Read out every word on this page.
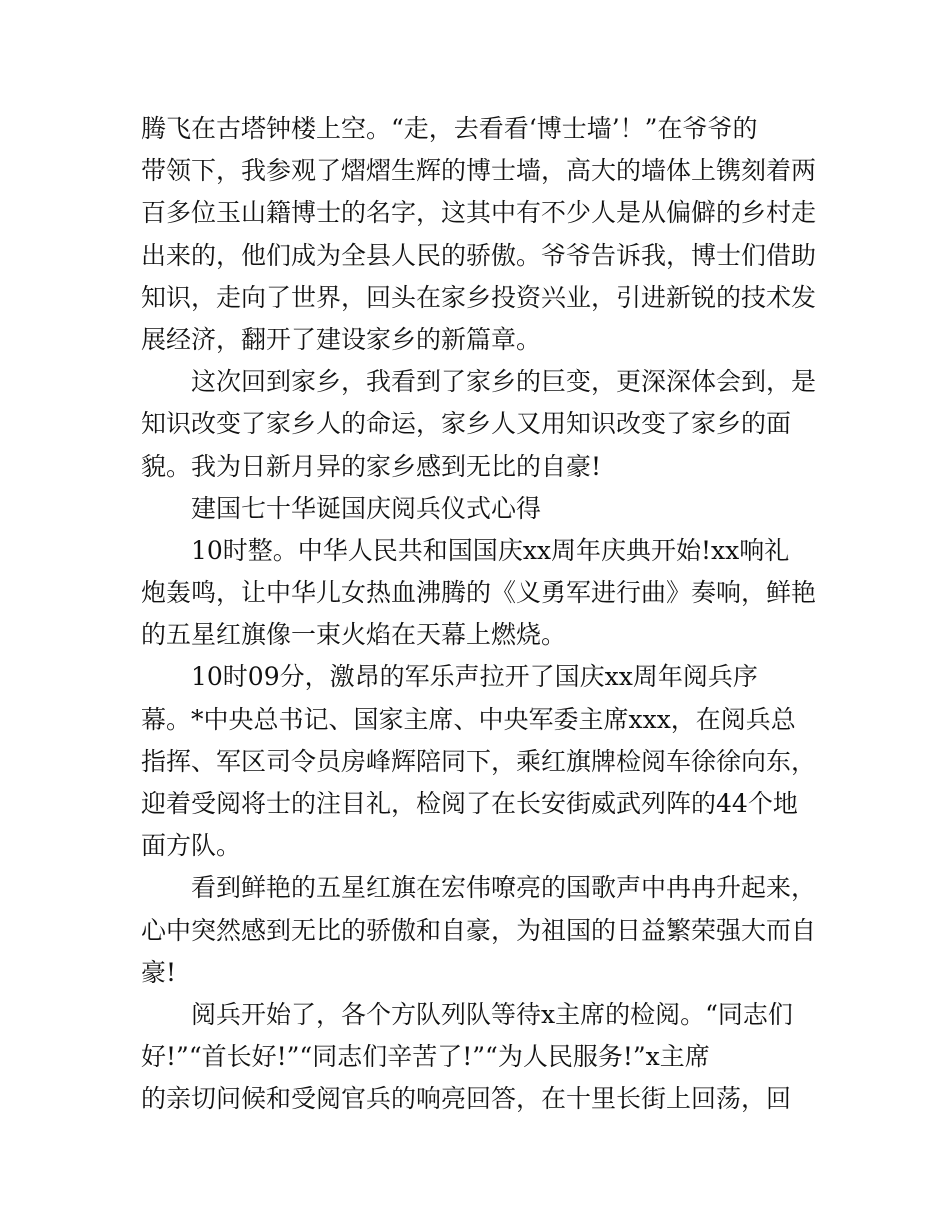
腾飞在古塔钟楼上空。“走，去看看‘博士墙’！”在爷爷的
带领下，我参观了熠熠生辉的博士墙，高大的墙体上镌刻着两
百多位玉山籍博士的名字，这其中有不少人是从偏僻的乡村走
出来的，他们成为全县人民的骄傲。爷爷告诉我，博士们借助
知识，走向了世界，回头在家乡投资兴业，引进新锐的技术发
展经济，翻开了建设家乡的新篇章。
这次回到家乡，我看到了家乡的巨变，更深深体会到，是
知识改变了家乡人的命运，家乡人又用知识改变了家乡的面
貌。我为日新月异的家乡感到无比的自豪!
建国七十华诞国庆阅兵仪式心得
10时整。中华人民共和国国庆xx周年庆典开始!xx响礼
炮轰鸣，让中华儿女热血沸腾的《义勇军进行曲》奏响，鲜艳
的五星红旗像一束火焰在天幕上燃烧。
10时09分，激昂的军乐声拉开了国庆xx周年阅兵序
幕。*中央总书记、国家主席、中央军委主席xxx，在阅兵总
指挥、军区司令员房峰辉陪同下，乘红旗牌检阅车徐徐向东，
迎着受阅将士的注目礼，检阅了在长安街威武列阵的44个地
面方队。
看到鲜艳的五星红旗在宏伟嘹亮的国歌声中冉冉升起来，
心中突然感到无比的骄傲和自豪，为祖国的日益繁荣强大而自
豪!
阅兵开始了，各个方队列队等待x主席的检阅。“同志们
好!”“首长好!”“同志们辛苦了!”“为人民服务!”x主席
的亲切问候和受阅官兵的响亮回答，在十里长街上回荡，回
